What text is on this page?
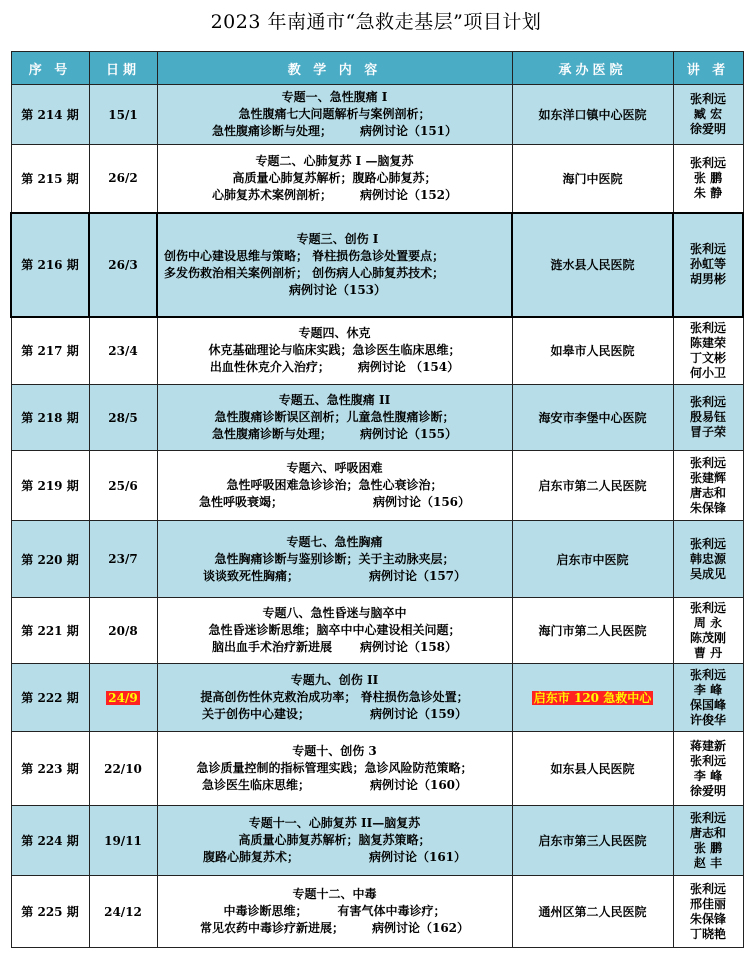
2023 年南通市“急救走基层”项目计划
序 号	日期	教 学 内 容	承办医院	讲 者
第 214 期	15/1	专题一、急性腹痛 I
急性腹痛七大问题解析与案例剖析；
急性腹痛诊断与处理； 病例讨论（151）	如东洋口镇中心医院	张利远
臧 宏
徐爱明

第 215 期	26/2	专题二、心肺复苏 I —脑复苏
高质量心肺复苏解析；腹路心肺复苏；
心肺复苏术案例剖析； 病例讨论（152）	海门中医院	张利远
张 鹏
朱 静

第 216 期	26/3	专题三、创伤 I
创伤中心建设思维与策略； 脊柱损伤急诊处置要点；
多发伤救治相关案例剖析； 创伤病人心肺复苏技术；
病例讨论（153）	涟水县人民医院	张利远
孙虹等
胡男彬

第 217 期	23/4	专题四、休克
休克基础理论与临床实践；急诊医生临床思维；
出血性休克介入治疗； 病例讨论 （154）	如皋市人民医院	张利远
陈建荣
丁文彬
何小卫

第 218 期	28/5	专题五、急性腹痛 II
急性腹痛诊断误区剖析；儿童急性腹痛诊断；
急性腹痛诊断与处理； 病例讨论（155）	海安市李堡中心医院	张利远
殷易钰
冒子荣

第 219 期	25/6	专题六、呼吸困难
急性呼吸困难急诊诊治；急性心衰诊治；
急性呼吸衰竭； 病例讨论（156）	启东市第二人民医院	张利远
张建辉
唐志和
朱保锋

第 220 期	23/7	专题七、急性胸痛
急性胸痛诊断与鉴别诊断；关于主动脉夹层；
谈谈致死性胸痛； 病例讨论（157）	启东市中医院	张利远
韩忠源
吴成见

第 221 期	20/8	专题八、急性昏迷与脑卒中
急性昏迷诊断思维；脑卒中中心建设相关问题；
脑出血手术治疗新进展 病例讨论（158）	海门市第二人民医院	张利远
周 永
陈茂刚
曹 丹

第 222 期	24/9	专题九、创伤 II
提高创伤性休克救治成功率； 脊柱损伤急诊处置；
关于创伤中心建设； 病例讨论（159）	启东市 120 急救中心	张利远
李 峰
保国峰
许俊华

第 223 期	22/10	专题十、创伤 3
急诊质量控制的指标管理实践；急诊风险防范策略；
急诊医生临床思维； 病例讨论（160）	如东县人民医院	蒋建新
张利远
李 峰
徐爱明

第 224 期	19/11	专题十一、心肺复苏 II—脑复苏
高质量心肺复苏解析；脑复苏策略；
腹路心肺复苏术； 病例讨论（161）	启东市第三人民医院	张利远
唐志和
张 鹏
赵 丰

第 225 期	24/12	专题十二、中毒
中毒诊断思维；　　　有害气体中毒诊疗；
常见农药中毒诊疗新进展； 病例讨论（162）	通州区第二人民医院	张利远
邢佳丽
朱保锋
丁晓艳
